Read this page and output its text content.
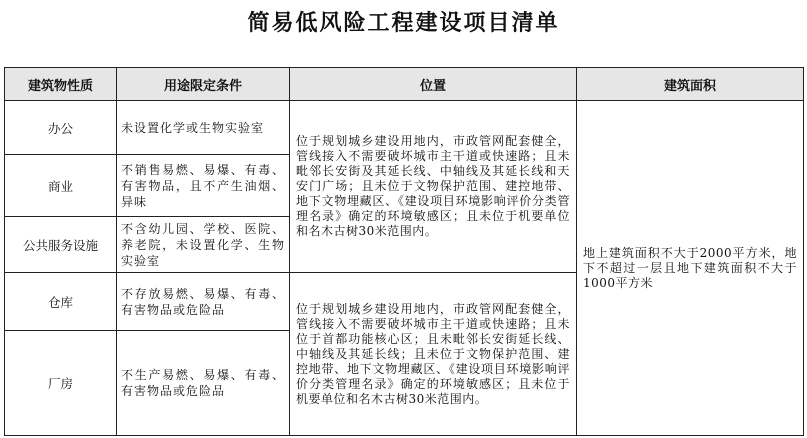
简易低风险工程建设项目清单
建筑物性质	用途限定条件	位置	建筑面积
办公	未设置化学或生物实验室	位于规划城乡建设用地内，市政管网配套健全，管线接入不需要破坏城市主干道或快速路；且未毗邻长安街及其延长线、中轴线及其延长线和天安门广场；且未位于文物保护范围、建控地带、地下文物埋藏区、《建设项目环境影响评价分类管理名录》确定的环境敏感区；且未位于机要单位和名木古树30米范围内。	地上建筑面积不大于2000平方米，地下不超过一层且地下建筑面积不大于1000平方米

商业	不销售易燃、易爆、有毒、有害物品，且不产生油烟、异味		
公共服务设施	不含幼儿园、学校、医院、养老院，未设置化学、生物实验室		
仓库	不存放易燃、易爆、有毒、有害物品或危险品	位于规划城乡建设用地内，市政管网配套健全，管线接入不需要破坏城市主干道或快速路；且未位于首都功能核心区；且未毗邻长安街延长线、中轴线及其延长线；且未位于文物保护范围、建控地带、地下文物埋藏区、《建设项目环境影响评价分类管理名录》确定的环境敏感区；且未位于机要单位和名木古树30米范围内。	

厂房	不生产易燃、易爆、有毒、有害物品或危险品		
